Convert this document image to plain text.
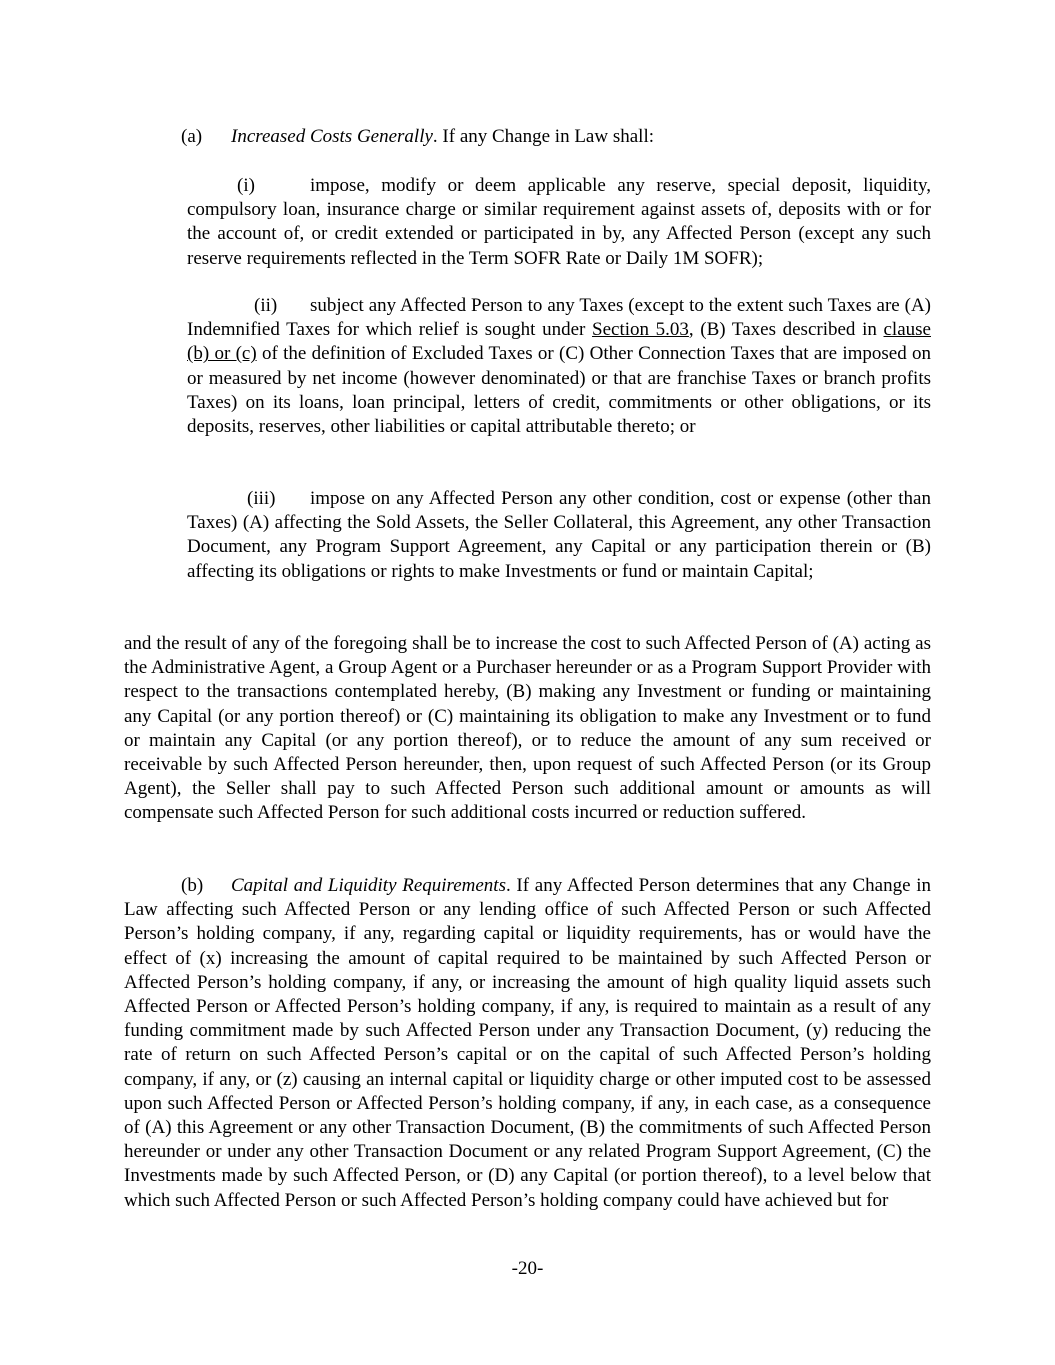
(a) Increased Costs Generally. If any Change in Law shall:

(i)	impose, modify or deem applicable any reserve, special deposit, liquidity, compulsory loan, insurance charge or similar requirement against assets of, deposits with or for the account of, or credit extended or participated in by, any Affected Person (except any such reserve requirements reflected in the Term SOFR Rate or Daily 1M SOFR);

(ii) subject any Affected Person to any Taxes (except to the extent such Taxes are (A) Indemnified Taxes for which relief is sought under Section 5.03, (B) Taxes described in clause (b) or (c) of the definition of Excluded Taxes or (C) Other Connection Taxes that are imposed on or measured by net income (however denominated) or that are franchise Taxes or branch profits Taxes) on its loans, loan principal, letters of credit, commitments or other obligations, or its deposits, reserves, other liabilities or capital attributable thereto; or

(iii) impose on any Affected Person any other condition, cost or expense (other than Taxes) (A) affecting the Sold Assets, the Seller Collateral, this Agreement, any other Transaction Document, any Program Support Agreement, any Capital or any participation therein or (B) affecting its obligations or rights to make Investments or fund or maintain Capital;

and the result of any of the foregoing shall be to increase the cost to such Affected Person of (A) acting as the Administrative Agent, a Group Agent or a Purchaser hereunder or as a Program Support Provider with respect to the transactions contemplated hereby, (B) making any Investment or funding or maintaining any Capital (or any portion thereof) or (C) maintaining its obligation to make any Investment or to fund or maintain any Capital (or any portion thereof), or to reduce the amount of any sum received or receivable by such Affected Person hereunder, then, upon request of such Affected Person (or its Group Agent), the Seller shall pay to such Affected Person such additional amount or amounts as will compensate such Affected Person for such additional costs incurred or reduction suffered.

(b) Capital and Liquidity Requirements. If any Affected Person determines that any Change in Law affecting such Affected Person or any lending office of such Affected Person or such Affected Person’s holding company, if any, regarding capital or liquidity requirements, has or would have the effect of (x) increasing the amount of capital required to be maintained by such Affected Person or Affected Person’s holding company, if any, or increasing the amount of high quality liquid assets such Affected Person or Affected Person’s holding company, if any, is required to maintain as a result of any funding commitment made by such Affected Person under any Transaction Document, (y) reducing the rate of return on such Affected Person’s capital or on the capital of such Affected Person’s holding company, if any, or (z) causing an internal capital or liquidity charge or other imputed cost to be assessed upon such Affected Person or Affected Person’s holding company, if any, in each case, as a consequence of (A) this Agreement or any other Transaction Document, (B) the commitments of such Affected Person hereunder or under any other Transaction Document or any related Program Support Agreement, (C) the Investments made by such Affected Person, or (D) any Capital (or portion thereof), to a level below that which such Affected Person or such Affected Person’s holding company could have achieved but for

-20-
